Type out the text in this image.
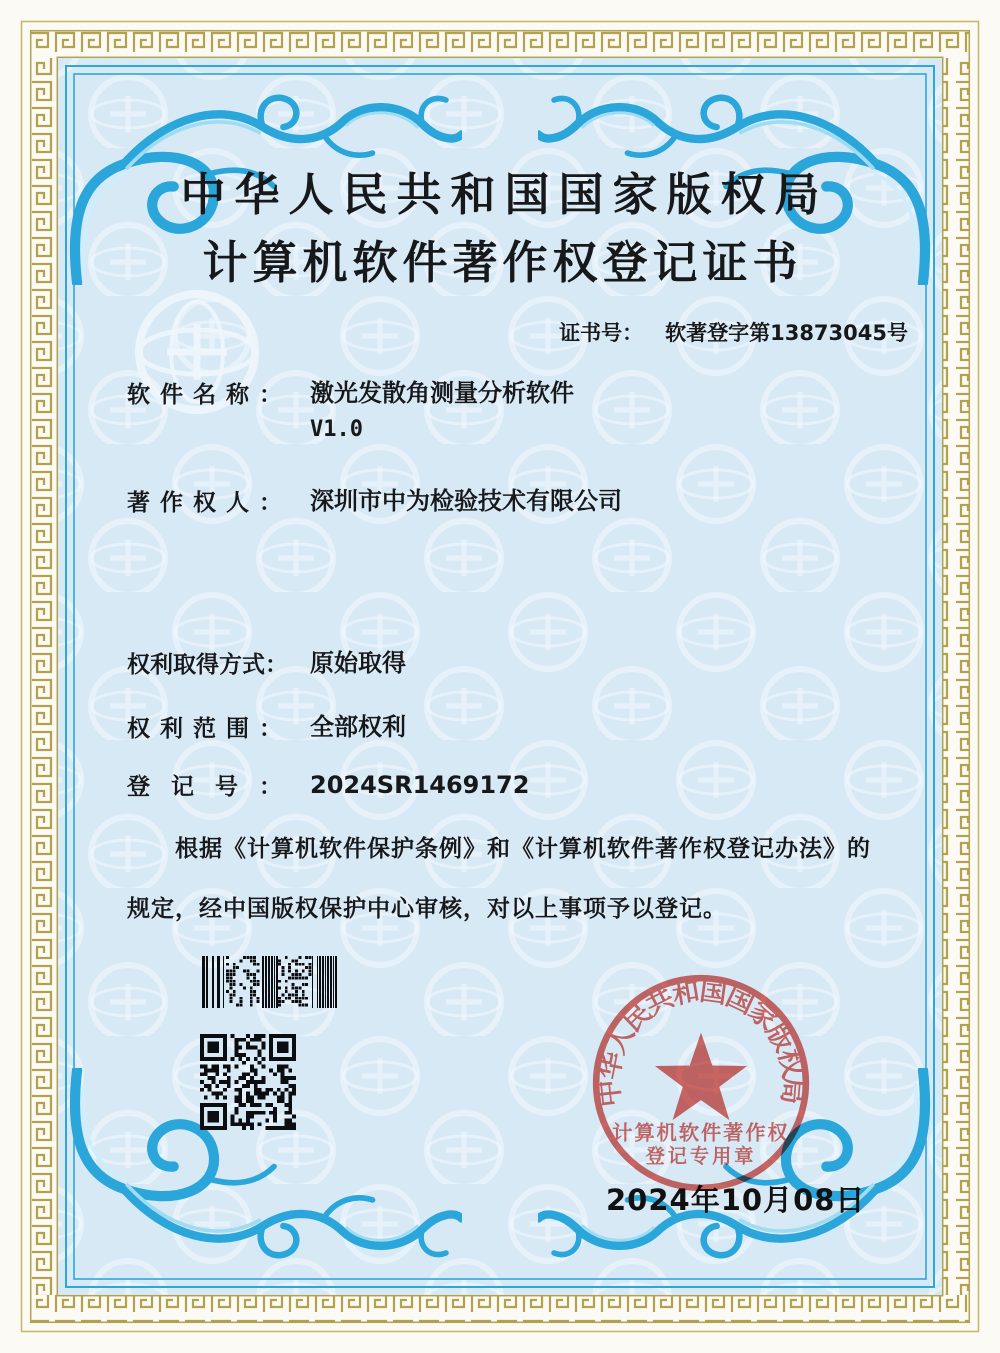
中华人民共和国国家版权局
计算机软件著作权登记证书
证书号： 软著登字第13873045号
软件名称： 激光发散角测量分析软件
V1.0
著作权人： 深圳市中为检验技术有限公司
权利取得方式： 原始取得
权利范围： 全部权利
登记号： 2024SR1469172
根据《计算机软件保护条例》和《计算机软件著作权登记办法》的
规定，经中国版权保护中心审核，对以上事项予以登记。
2024年10月08日
中华人民共和国国家版权局
计算机软件著作权
登记专用章
